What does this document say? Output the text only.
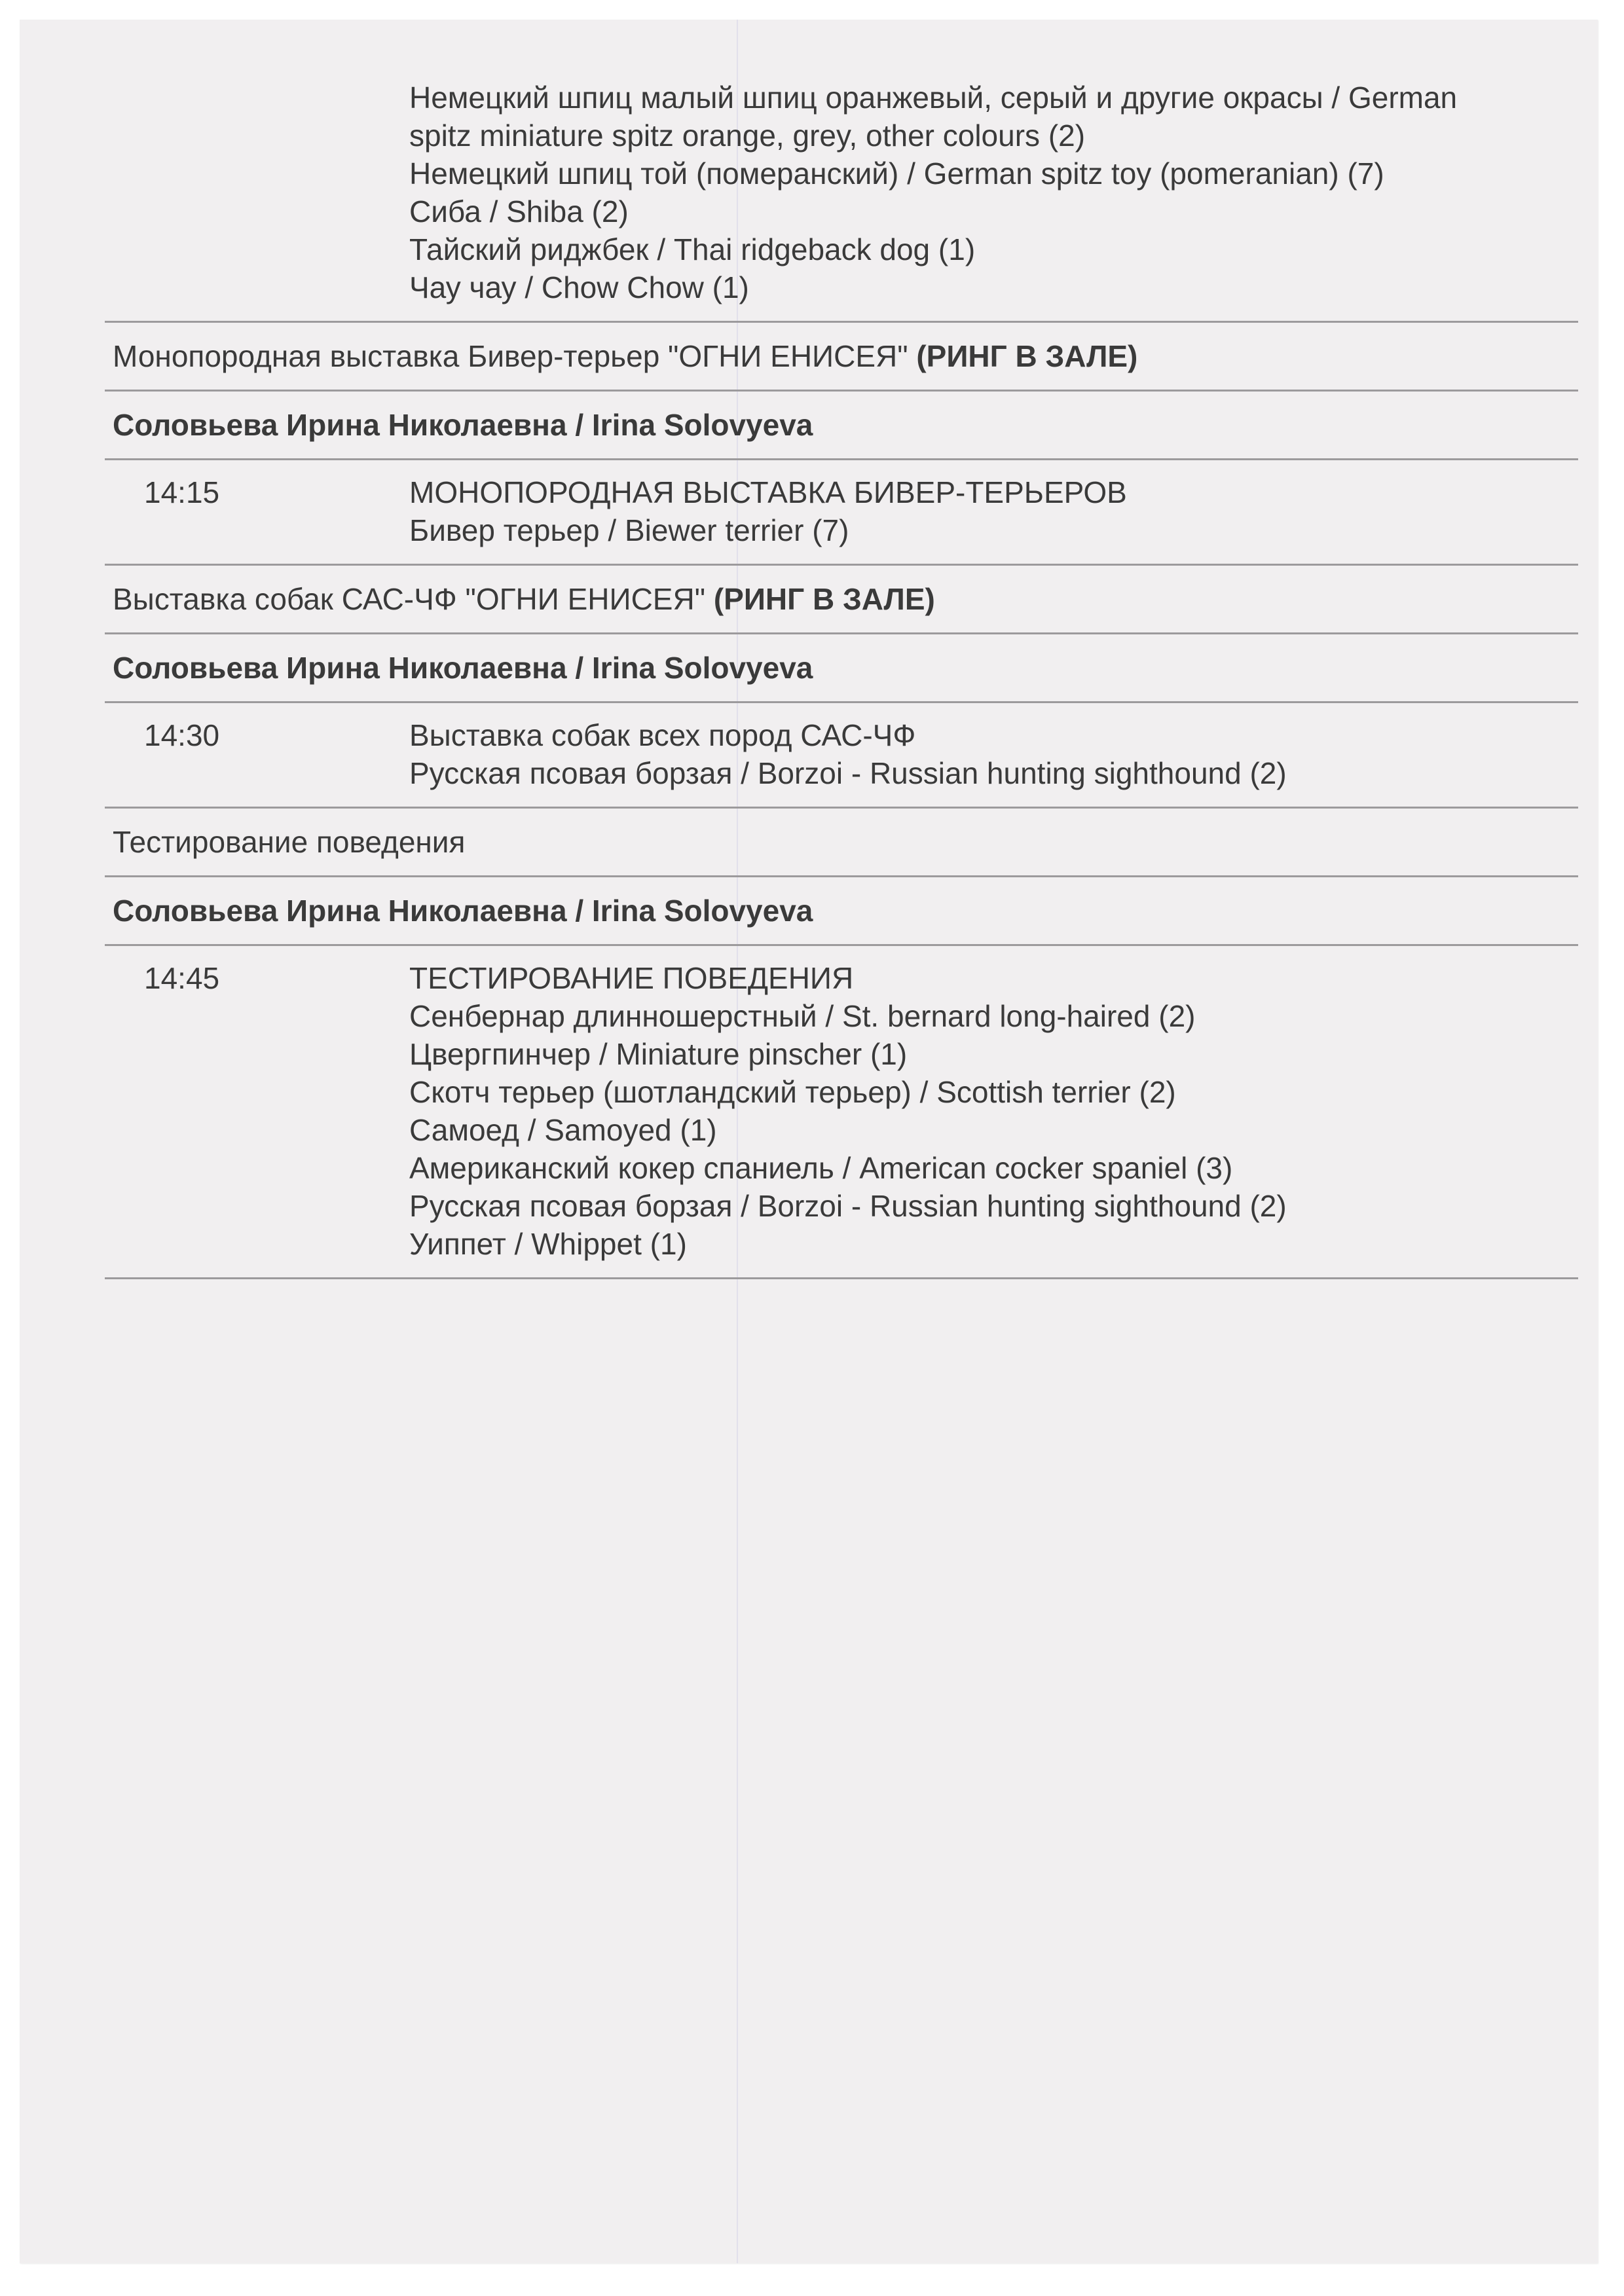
Немецкий шпиц малый шпиц оранжевый, серый и другие окрасы / German
spitz miniature spitz orange, grey, other colours (2)
Немецкий шпиц той (померанский) / German spitz toy (pomeranian) (7)
Сиба / Shiba (2)
Тайский риджбек / Thai ridgeback dog (1)
Чау чау / Chow Chow (1)
Монопородная выставка Бивер-терьер "ОГНИ ЕНИСЕЯ" (РИНГ В ЗАЛЕ)
Соловьева Ирина Николаевна / Irina Solovyeva
14:15	МОНОПОРОДНАЯ ВЫСТАВКА БИВЕР-ТЕРЬЕРОВ
Бивер терьер / Biewer terrier (7)
Выставка собак САС-ЧФ "ОГНИ ЕНИСЕЯ" (РИНГ В ЗАЛЕ)
Соловьева Ирина Николаевна / Irina Solovyeva
14:30	Выставка собак всех пород САС-ЧФ
Русская псовая борзая / Borzoi - Russian hunting sighthound (2)
Тестирование поведения
Соловьева Ирина Николаевна / Irina Solovyeva
14:45	ТЕСТИРОВАНИЕ ПОВЕДЕНИЯ
Сенбернар длинношерстный / St. bernard long-haired (2)
Цвергпинчер / Miniature pinscher (1)
Скотч терьер (шотландский терьер) / Scottish terrier (2)
Самоед / Samoyed (1)
Американский кокер спаниель / American cocker spaniel (3)
Русская псовая борзая / Borzoi - Russian hunting sighthound (2)
Уиппет / Whippet (1)
